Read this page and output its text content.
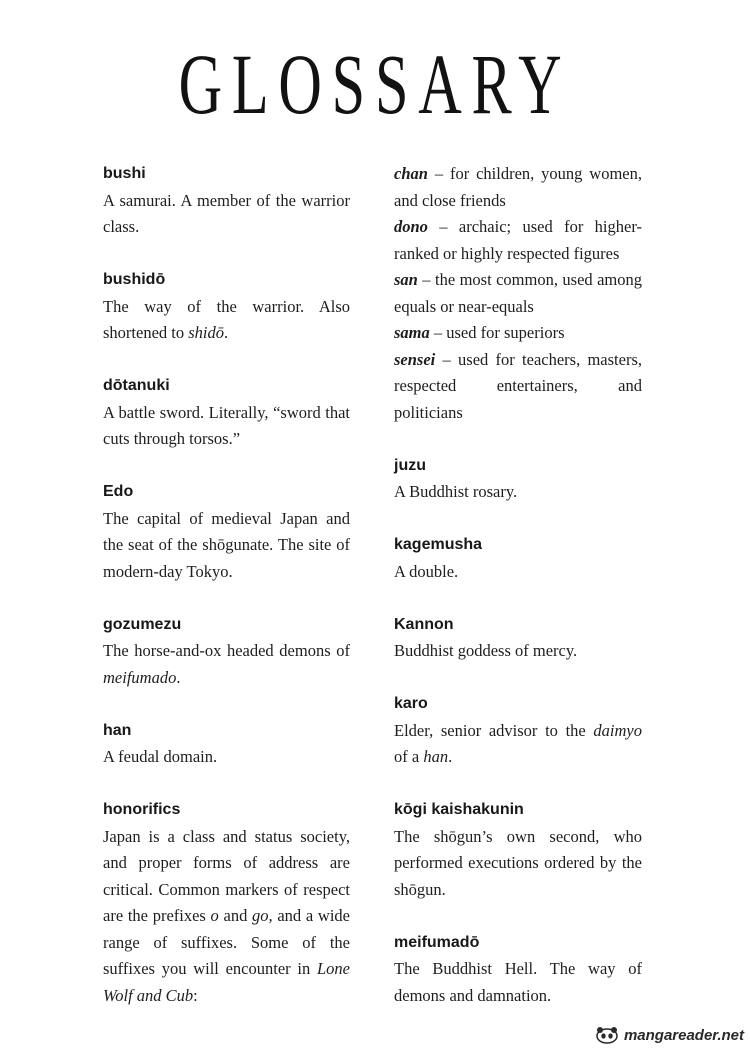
GLOSSARY
bushi
A samurai. A member of the warrior class.
bushidō
The way of the warrior. Also shortened to shidō.
dōtanuki
A battle sword. Literally, “sword that cuts through torsos.”
Edo
The capital of medieval Japan and the seat of the shōgunate. The site of modern-day Tokyo.
gozumezu
The horse-and-ox headed demons of meifumado.
han
A feudal domain.
honorifics
Japan is a class and status society, and proper forms of address are critical. Common markers of respect are the prefixes o and go, and a wide range of suffixes. Some of the suffixes you will encounter in Lone Wolf and Cub:
chan – for children, young women, and close friends
dono – archaic; used for higher-ranked or highly respected figures
san – the most common, used among equals or near-equals
sama – used for superiors
sensei – used for teachers, masters, respected entertainers, and politicians
juzu
A Buddhist rosary.
kagemusha
A double.
Kannon
Buddhist goddess of mercy.
karo
Elder, senior advisor to the daimyo of a han.
kōgi kaishakunin
The shōgun’s own second, who performed executions ordered by the shōgun.
meifumadō
The Buddhist Hell. The way of demons and damnation.
mangareader.net
